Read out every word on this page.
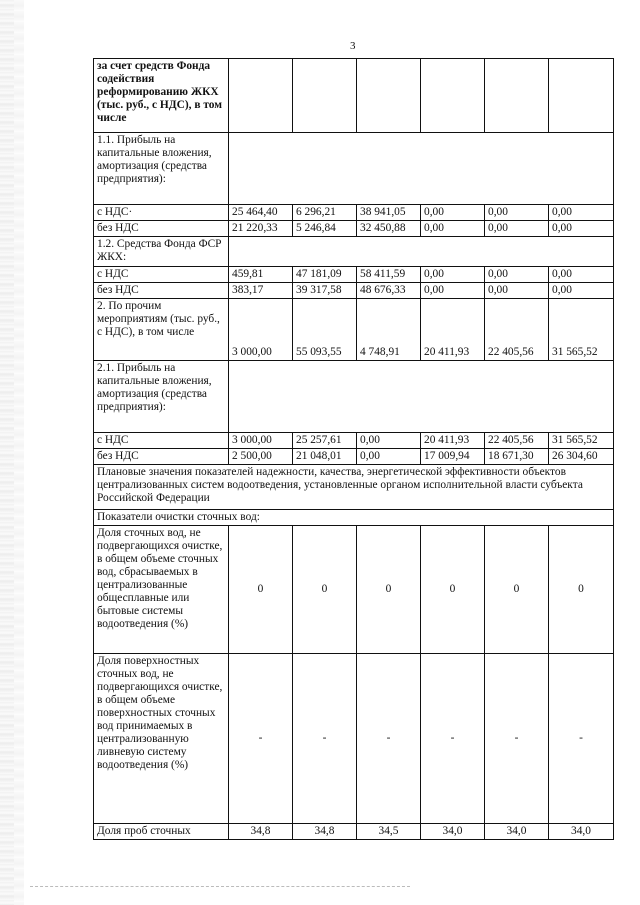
3
за счет средств Фонда содействия реформированию ЖКХ (тыс. руб., с НДС), в том числе						
1.1. Прибыль на капитальные вложения, амортизация (средства предприятия):						
с НДС·	25 464,40	6 296,21	38 941,05	0,00	0,00	0,00
без НДС	21 220,33	5 246,84	32 450,88	0,00	0,00	0,00
1.2. Средства Фонда ФСР ЖКХ:						
с НДС	459,81	47 181,09	58 411,59	0,00	0,00	0,00
без НДС	383,17	39 317,58	48 676,33	0,00	0,00	0,00
2. По прочим мероприятиям (тыс. руб., с НДС), в том числе	3 000,00	55 093,55	4 748,91	20 411,93	22 405,56	31 565,52
2.1. Прибыль на капитальные вложения, амортизация (средства предприятия):						
с НДС	3 000,00	25 257,61	0,00	20 411,93	22 405,56	31 565,52
без НДС	2 500,00	21 048,01	0,00	17 009,94	18 671,30	26 304,60
Плановые значения показателей надежности, качества, энергетической эффективности объектов централизованных систем водоотведения, установленные органом исполнительной власти субъекта Российской Федерации						
Показатели очистки сточных вод:						
Доля сточных вод, не подвергающихся очистке, в общем объеме сточных вод, сбрасываемых в централизованные общесплавные или бытовые системы водоотведения (%)	0	0	0	0	0	0
Доля поверхностных сточных вод, не подвергающихся очистке, в общем объеме поверхностных сточных вод принимаемых в централизованную ливневую систему водоотведения (%)	-	-	-	-	-	-
Доля проб сточных	34,8	34,8	34,5	34,0	34,0	34,0
